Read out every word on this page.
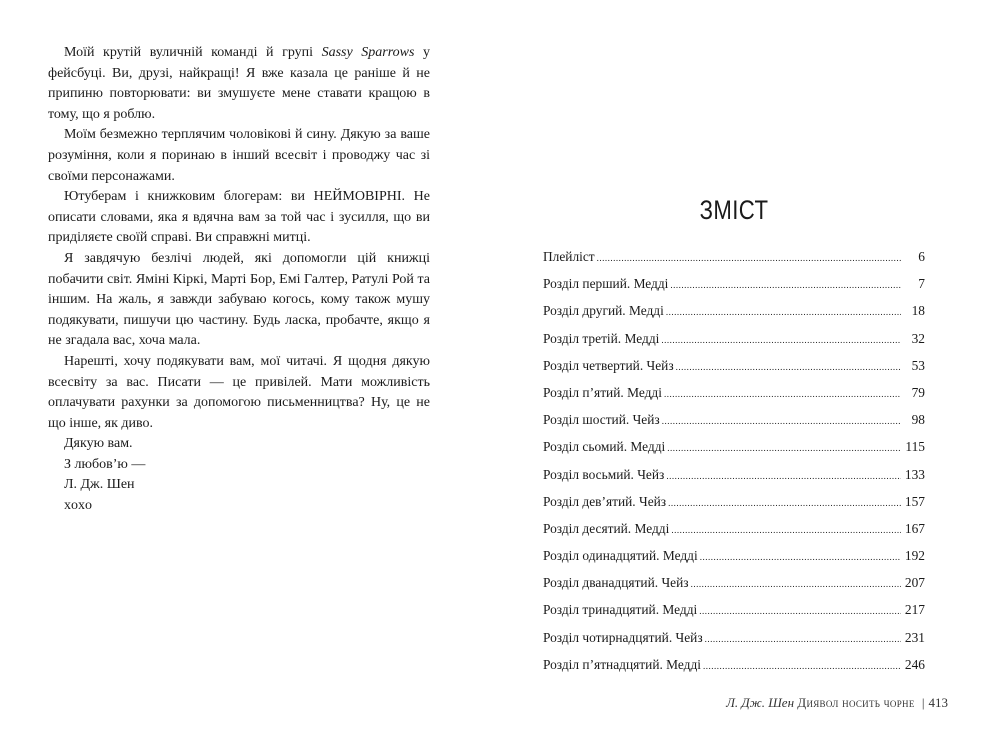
Моїй крутій вуличній команді й групі Sassy Sparrows у фейсбуці. Ви, друзі, найкращі! Я вже казала це раніше й не припиню повторювати: ви змушуєте мене ставати кращою в тому, що я роблю.

Моїм безмежно терплячим чоловікові й сину. Дякую за ваше розуміння, коли я поринаю в інший всесвіт і проводжу час зі своїми персонажами.

Ютуберам і книжковим блогерам: ви НЕЙМОВІРНІ. Не описати словами, яка я вдячна вам за той час і зусилля, що ви приділяєте своїй справі. Ви справжні митці.

Я завдячую безлічі людей, які допомогли цій книжці побачити світ. Яміні Кіркі, Марті Бор, Емі Галтер, Ратулі Рой та іншим. На жаль, я завжди забуваю когось, кому також мушу подякувати, пишучи цю частину. Будь ласка, пробачте, якщо я не згадала вас, хоча мала.

Нарешті, хочу подякувати вам, мої читачі. Я щодня дякую всесвіту за вас. Писати — це привілей. Мати можливість оплачувати рахунки за допомогою письменництва? Ну, це не що інше, як диво.

Дякую вам.

З любов’ю —

Л. Дж. Шен

xoxo

ЗМІСТ
Плейліст .....	6
Розділ перший. Медді .....	7
Розділ другий. Медді .....	18
Розділ третій. Медді .....	32
Розділ четвертий. Чейз .....	53
Розділ п’ятий. Медді .....	79
Розділ шостий. Чейз .....	98
Розділ сьомий. Медді .....	115
Розділ восьмий. Чейз .....	133
Розділ дев’ятий. Чейз .....	157
Розділ десятий. Медді .....	167
Розділ одинадцятий. Медді .....	192
Розділ дванадцятий. Чейз .....	207
Розділ тринадцятий. Медді .....	217
Розділ чотирнадцятий. Чейз .....	231
Розділ п’ятнадцятий. Медді .....	246
Л. Дж. Шен Диявол носить чорне | 413
